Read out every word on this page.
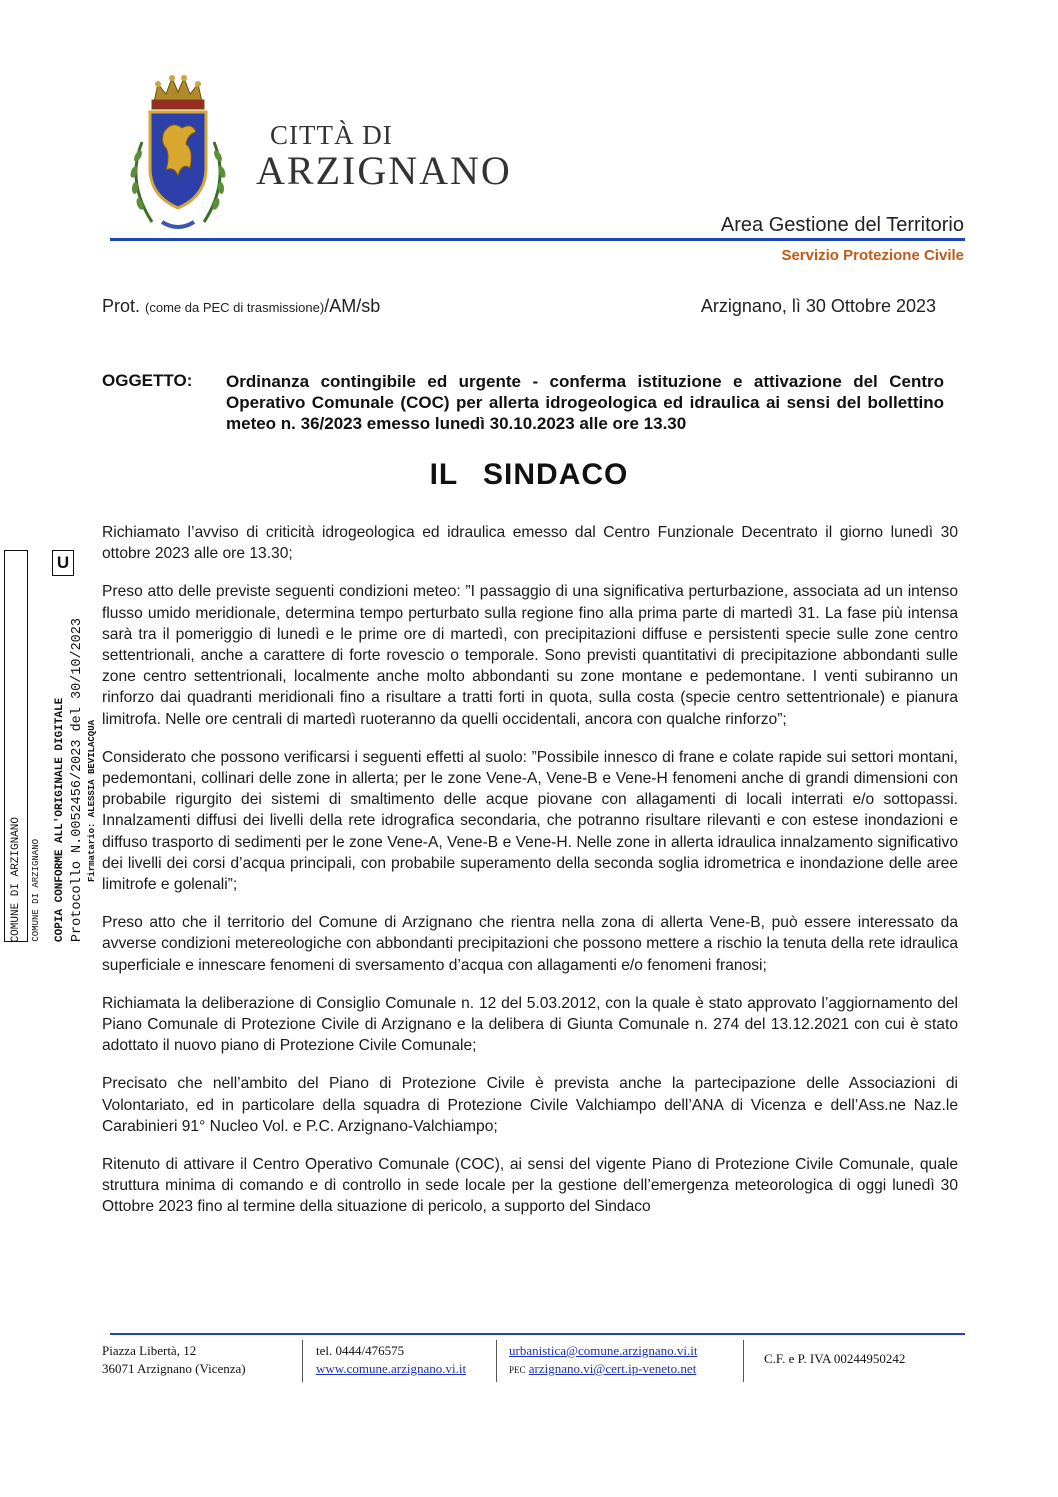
CITTÀ DI
ARZIGNANO
Area Gestione del Territorio
Servizio Protezione Civile
Prot. (come da PEC di trasmissione)/AM/sb	Arzignano, lì 30 Ottobre 2023
OGGETTO: Ordinanza contingibile ed urgente - conferma istituzione e attivazione del Centro Operativo Comunale (COC) per allerta idrogeologica ed idraulica ai sensi del bollettino meteo n. 36/2023 emesso lunedì 30.10.2023 alle ore 13.30
IL SINDACO

Richiamato l’avviso di criticità idrogeologica ed idraulica emesso dal Centro Funzionale Decentrato il giorno lunedì 30 ottobre 2023 alle ore 13.30;

Preso atto delle previste seguenti condizioni meteo: ”I passaggio di una significativa perturbazione, associata ad un intenso flusso umido meridionale, determina tempo perturbato sulla regione fino alla prima parte di martedì 31. La fase più intensa sarà tra il pomeriggio di lunedì e le prime ore di martedì, con precipitazioni diffuse e persistenti specie sulle zone centro settentrionali, anche a carattere di forte rovescio o temporale. Sono previsti quantitativi di precipitazione abbondanti sulle zone centro settentrionali, localmente anche molto abbondanti su zone montane e pedemontane. I venti subiranno un rinforzo dai quadranti meridionali fino a risultare a tratti forti in quota, sulla costa (specie centro settentrionale) e pianura limitrofa. Nelle ore centrali di martedì ruoteranno da quelli occidentali, ancora con qualche rinforzo”;

Considerato che possono verificarsi i seguenti effetti al suolo: ”Possibile innesco di frane e colate rapide sui settori montani, pedemontani, collinari delle zone in allerta; per le zone Vene-A, Vene-B e Vene-H fenomeni anche di grandi dimensioni con probabile rigurgito dei sistemi di smaltimento delle acque piovane con allagamenti di locali interrati e/o sottopassi. Innalzamenti diffusi dei livelli della rete idrografica secondaria, che potranno risultare rilevanti e con estese inondazioni e diffuso trasporto di sedimenti per le zone Vene-A, Vene-B e Vene-H. Nelle zone in allerta idraulica innalzamento significativo dei livelli dei corsi d’acqua principali, con probabile superamento della seconda soglia idrometrica e inondazione delle aree limitrofe e golenali”;

Preso atto che il territorio del Comune di Arzignano che rientra nella zona di allerta Vene-B, può essere interessato da avverse condizioni metereologiche con abbondanti precipitazioni che possono mettere a rischio la tenuta della rete idraulica superficiale e innescare fenomeni di sversamento d’acqua con allagamenti e/o fenomeni franosi;

Richiamata la deliberazione di Consiglio Comunale n. 12 del 5.03.2012, con la quale è stato approvato l’aggiornamento del Piano Comunale di Protezione Civile di Arzignano e la delibera di Giunta Comunale n. 274 del 13.12.2021 con cui è stato adottato il nuovo piano di Protezione Civile Comunale;

Precisato che nell’ambito del Piano di Protezione Civile è prevista anche la partecipazione delle Associazioni di Volontariato, ed in particolare della squadra di Protezione Civile Valchiampo dell’ANA di Vicenza e dell’Ass.ne Naz.le Carabinieri 91° Nucleo Vol. e P.C. Arzignano-Valchiampo;

Ritenuto di attivare il Centro Operativo Comunale (COC), ai sensi del vigente Piano di Protezione Civile Comunale, quale struttura minima di comando e di controllo in sede locale per la gestione dell’emergenza meteorologica di oggi lunedì 30 Ottobre 2023 fino al termine della situazione di pericolo, a supporto del Sindaco

COMUNE DI ARZIGNANO COMUNE DI ARZIGNANO
U
COPIA CONFORME ALL'ORIGINALE DIGITALE Protocollo N.0052456/2023 del 30/10/2023 Firmatario: ALESSIA BEVILACQUA
Piazza Libertà, 12
36071 Arzignano (Vicenza)
tel. 0444/476575
www.comune.arzignano.vi.it
urbanistica@comune.arzignano.vi.it
PEC arzignano.vi@cert.ip-veneto.net
C.F. e P. IVA 00244950242
